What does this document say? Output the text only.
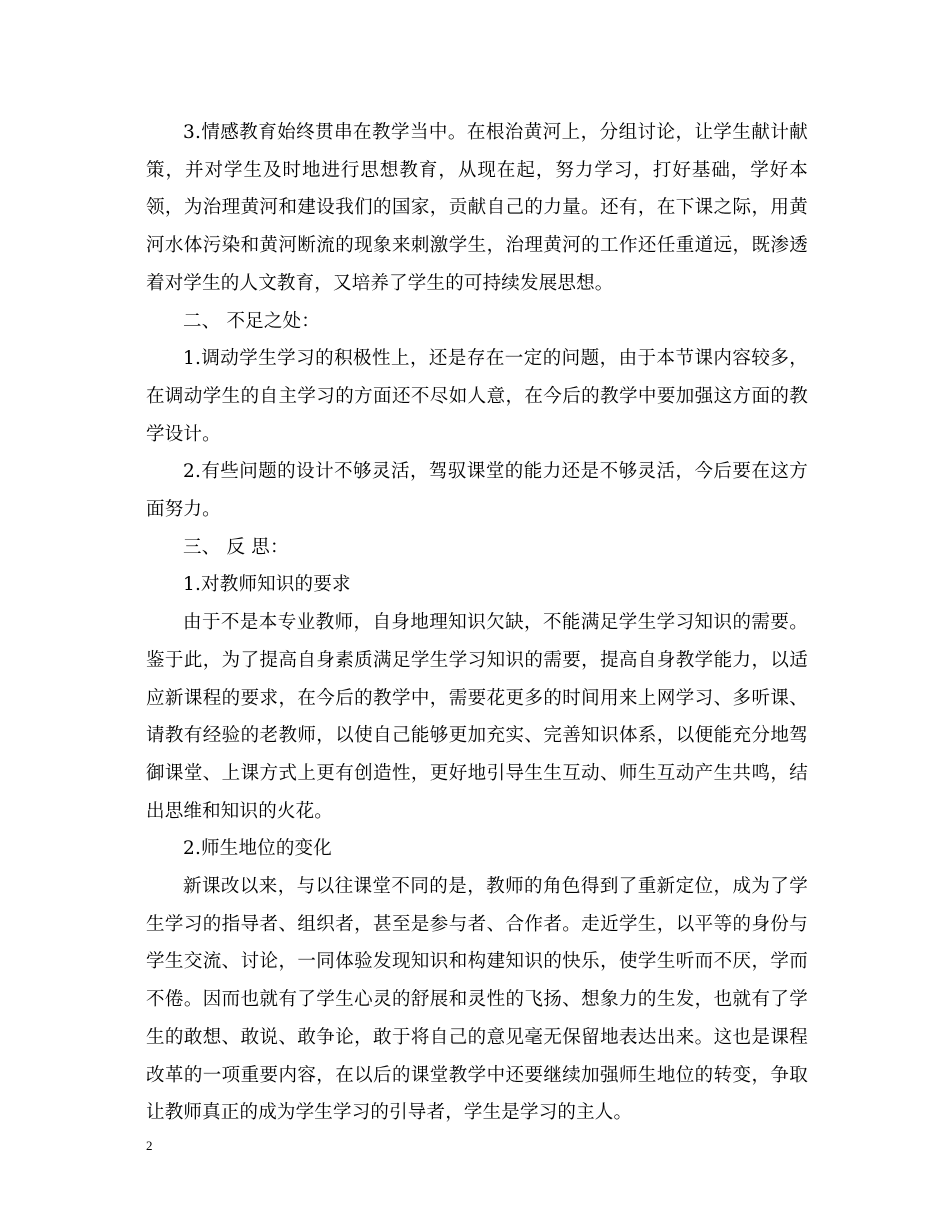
3.情感教育始终贯串在教学当中。在根治黄河上，分组讨论，让学生献计献策，并对学生及时地进行思想教育，从现在起，努力学习，打好基础，学好本领，为治理黄河和建设我们的国家，贡献自己的力量。还有，在下课之际，用黄河水体污染和黄河断流的现象来刺激学生，治理黄河的工作还任重道远，既渗透着对学生的人文教育，又培养了学生的可持续发展思想。

二、 不足之处：

1.调动学生学习的积极性上，还是存在一定的问题，由于本节课内容较多，在调动学生的自主学习的方面还不尽如人意，在今后的教学中要加强这方面的教学设计。

2.有些问题的设计不够灵活，驾驭课堂的能力还是不够灵活，今后要在这方面努力。

三、 反 思：

1.对教师知识的要求

由于不是本专业教师，自身地理知识欠缺，不能满足学生学习知识的需要。鉴于此，为了提高自身素质满足学生学习知识的需要，提高自身教学能力，以适应新课程的要求，在今后的教学中，需要花更多的时间用来上网学习、多听课、请教有经验的老教师，以使自己能够更加充实、完善知识体系，以便能充分地驾御课堂、上课方式上更有创造性，更好地引导生生互动、师生互动产生共鸣，结出思维和知识的火花。

2.师生地位的变化

新课改以来，与以往课堂不同的是，教师的角色得到了重新定位，成为了学生学习的指导者、组织者，甚至是参与者、合作者。走近学生，以平等的身份与学生交流、讨论，一同体验发现知识和构建知识的快乐，使学生听而不厌，学而不倦。因而也就有了学生心灵的舒展和灵性的飞扬、想象力的生发，也就有了学生的敢想、敢说、敢争论，敢于将自己的意见毫无保留地表达出来。这也是课程改革的一项重要内容，在以后的课堂教学中还要继续加强师生地位的转变，争取让教师真正的成为学生学习的引导者，学生是学习的主人。

2
